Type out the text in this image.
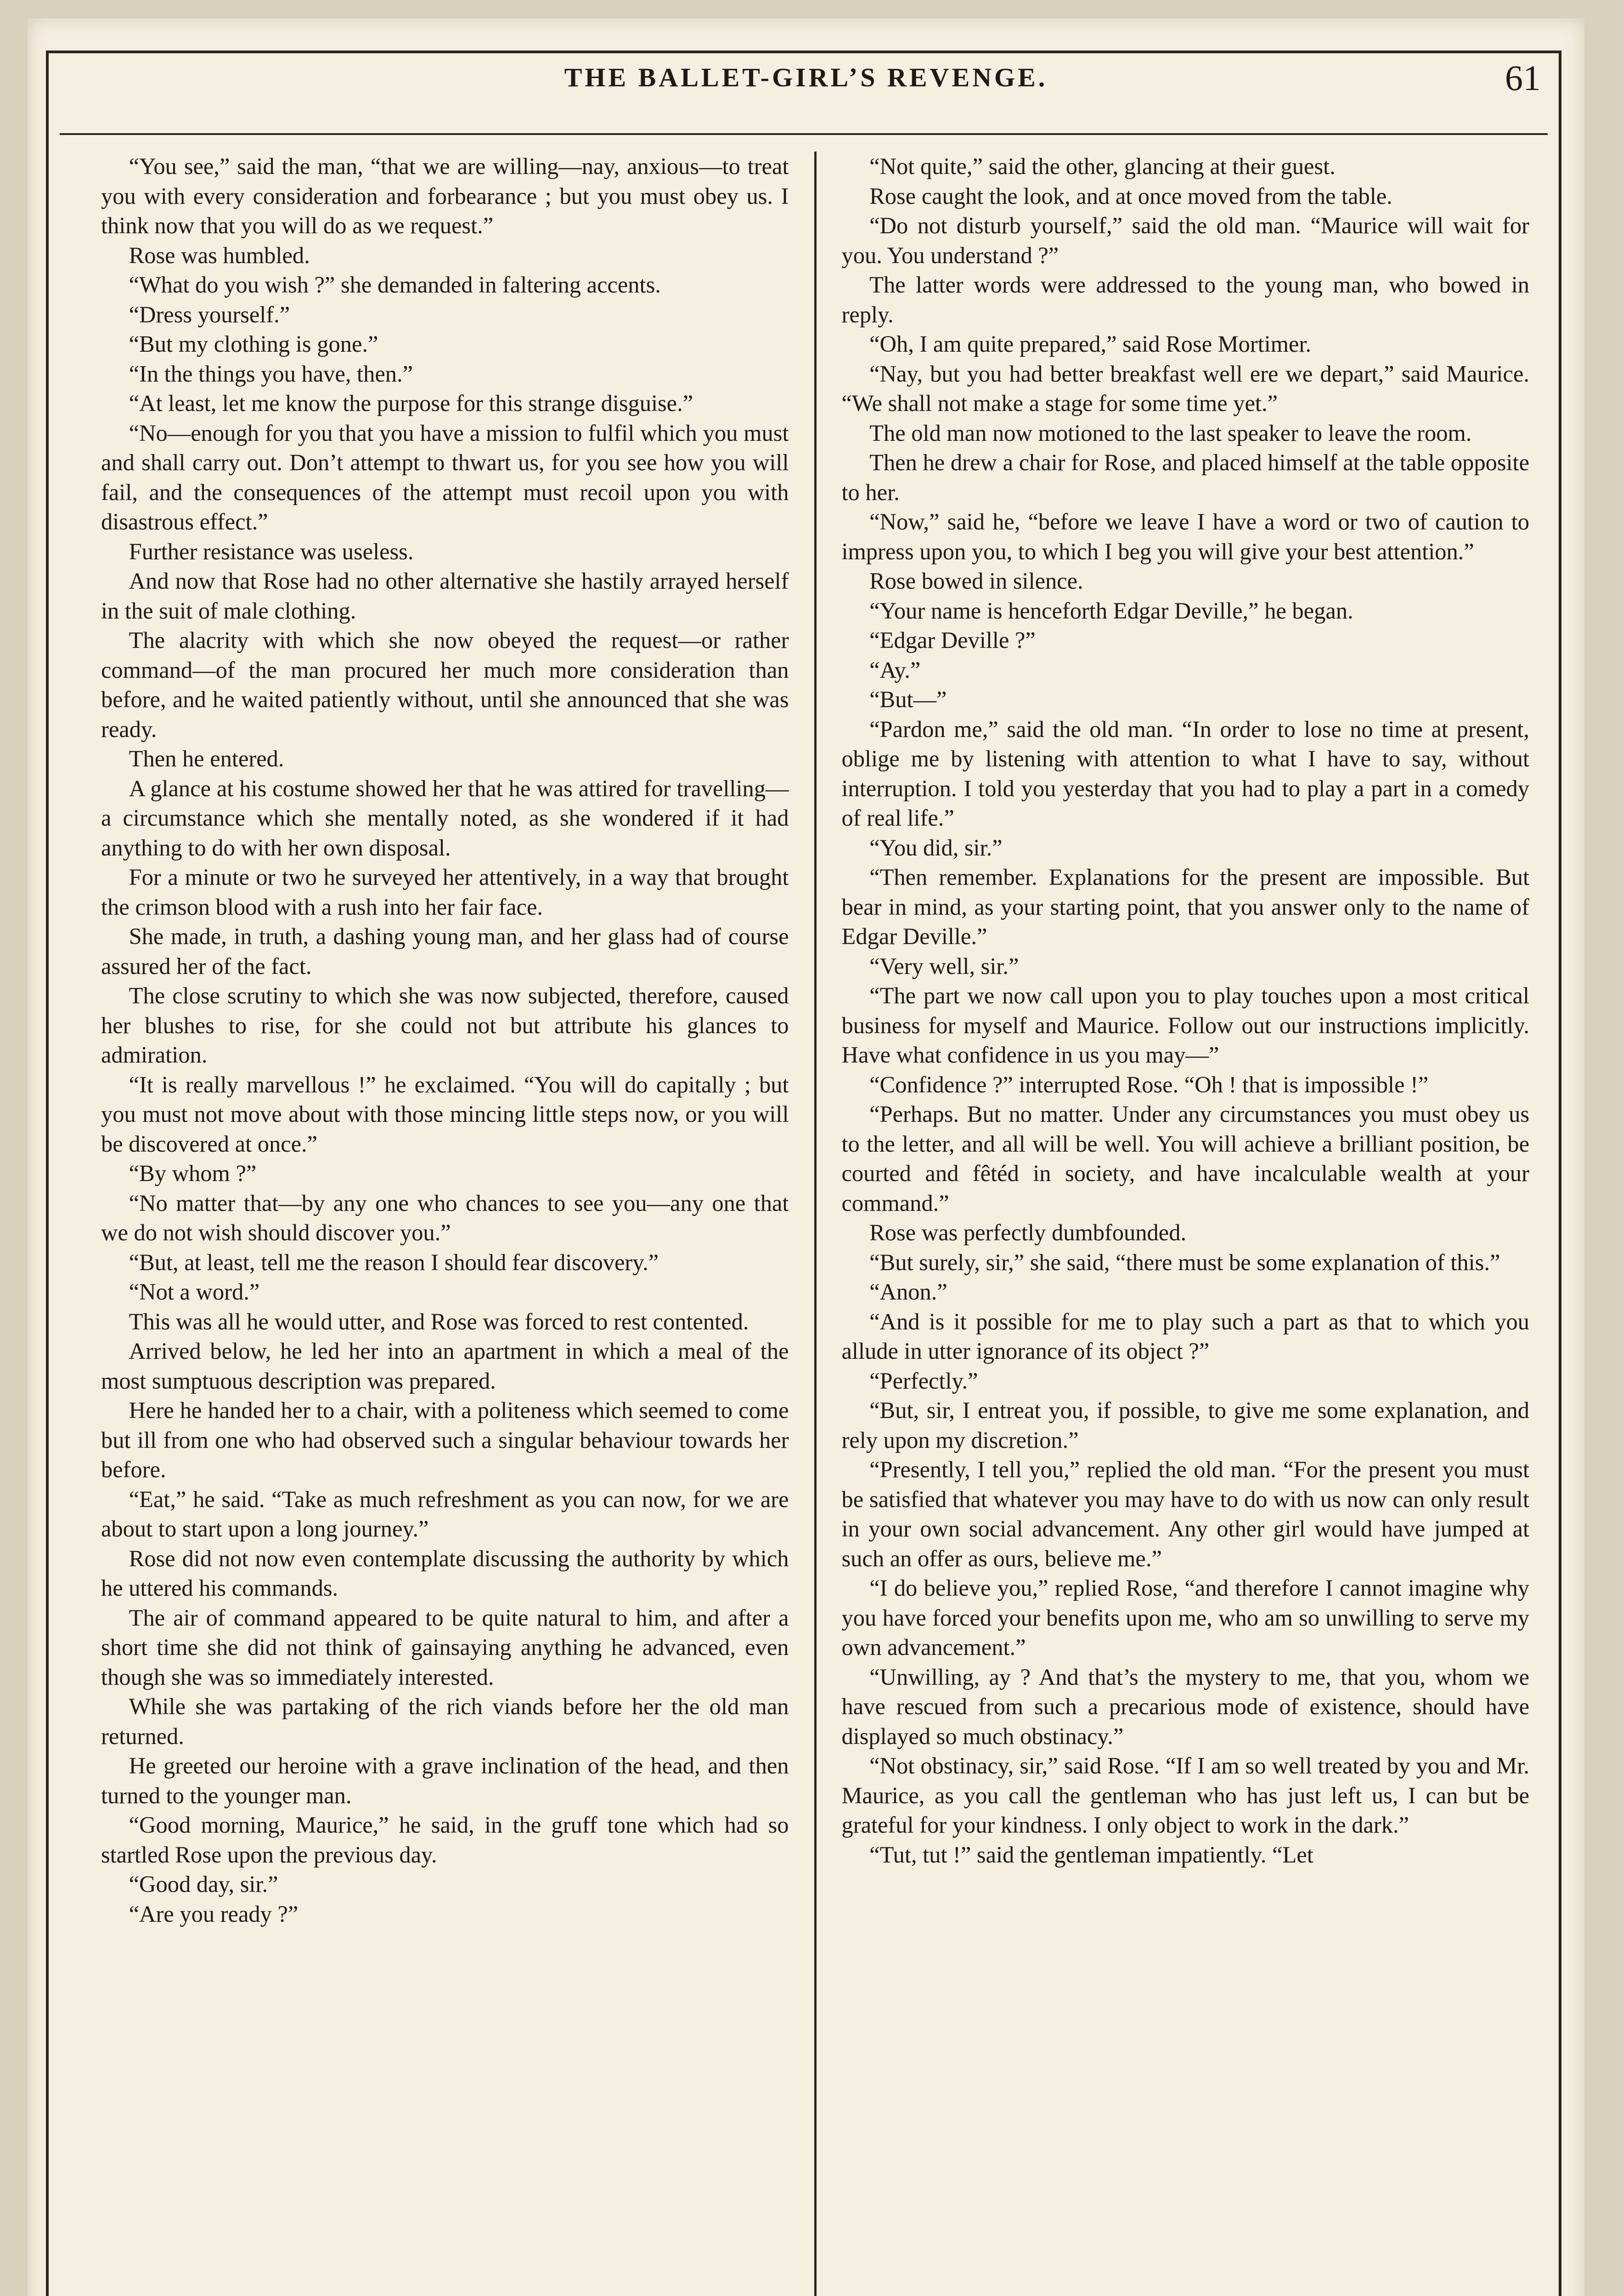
THE BALLET-GIRL’S REVENGE.	61

“You see,” said the man, “that we are willing—nay, anxious—to treat you with every consideration and forbearance ; but you must obey us. I think now that you will do as we request.”

Rose was humbled.

“What do you wish ?” she demanded in faltering accents.

“Dress yourself.”

“But my clothing is gone.”

“In the things you have, then.”

“At least, let me know the purpose for this strange disguise.”

“No—enough for you that you have a mission to fulfil which you must and shall carry out. Don’t attempt to thwart us, for you see how you will fail, and the consequences of the attempt must recoil upon you with disastrous effect.”

Further resistance was useless.

And now that Rose had no other alternative she hastily arrayed herself in the suit of male clothing.

The alacrity with which she now obeyed the request—or rather command—of the man procured her much more consideration than before, and he waited patiently without, until she announced that she was ready.

Then he entered.

A glance at his costume showed her that he was attired for travelling—a circumstance which she mentally noted, as she wondered if it had anything to do with her own disposal.

For a minute or two he surveyed her attentively, in a way that brought the crimson blood with a rush into her fair face.

She made, in truth, a dashing young man, and her glass had of course assured her of the fact.

The close scrutiny to which she was now subjected, therefore, caused her blushes to rise, for she could not but attribute his glances to admiration.

“It is really marvellous !” he exclaimed. “You will do capitally ; but you must not move about with those mincing little steps now, or you will be discovered at once.”

“By whom ?”

“No matter that—by any one who chances to see you—any one that we do not wish should discover you.”

“But, at least, tell me the reason I should fear discovery.”

“Not a word.”

This was all he would utter, and Rose was forced to rest contented.

Arrived below, he led her into an apartment in which a meal of the most sumptuous description was prepared.

Here he handed her to a chair, with a politeness which seemed to come but ill from one who had observed such a singular behaviour towards her before.

“Eat,” he said. “Take as much refreshment as you can now, for we are about to start upon a long journey.”

Rose did not now even contemplate discussing the authority by which he uttered his commands.

The air of command appeared to be quite natural to him, and after a short time she did not think of gainsaying anything he advanced, even though she was so immediately interested.

While she was partaking of the rich viands before her the old man returned.

He greeted our heroine with a grave inclination of the head, and then turned to the younger man.

“Good morning, Maurice,” he said, in the gruff tone which had so startled Rose upon the previous day.

“Good day, sir.”

“Are you ready ?”

“Not quite,” said the other, glancing at their guest.

Rose caught the look, and at once moved from the table.

“Do not disturb yourself,” said the old man. “Maurice will wait for you. You understand ?”

The latter words were addressed to the young man, who bowed in reply.

“Oh, I am quite prepared,” said Rose Mortimer.

“Nay, but you had better breakfast well ere we depart,” said Maurice. “We shall not make a stage for some time yet.”

The old man now motioned to the last speaker to leave the room.

Then he drew a chair for Rose, and placed himself at the table opposite to her.

“Now,” said he, “before we leave I have a word or two of caution to impress upon you, to which I beg you will give your best attention.”

Rose bowed in silence.

“Your name is henceforth Edgar Deville,” he began.

“Edgar Deville ?”

“Ay.”

“But—”

“Pardon me,” said the old man. “In order to lose no time at present, oblige me by listening with attention to what I have to say, without interruption. I told you yesterday that you had to play a part in a comedy of real life.”

“You did, sir.”

“Then remember. Explanations for the present are impossible. But bear in mind, as your starting point, that you answer only to the name of Edgar Deville.”

“Very well, sir.”

“The part we now call upon you to play touches upon a most critical business for myself and Maurice. Follow out our instructions implicitly. Have what confidence in us you may—”

“Confidence ?” interrupted Rose. “Oh ! that is impossible !”

“Perhaps. But no matter. Under any circumstances you must obey us to the letter, and all will be well. You will achieve a brilliant position, be courted and fêtéd in society, and have incalculable wealth at your command.”

Rose was perfectly dumbfounded.

“But surely, sir,” she said, “there must be some explanation of this.”

“Anon.”

“And is it possible for me to play such a part as that to which you allude in utter ignorance of its object ?”

“Perfectly.”

“But, sir, I entreat you, if possible, to give me some explanation, and rely upon my discretion.”

“Presently, I tell you,” replied the old man. “For the present you must be satisfied that whatever you may have to do with us now can only result in your own social advancement. Any other girl would have jumped at such an offer as ours, believe me.”

“I do believe you,” replied Rose, “and therefore I cannot imagine why you have forced your benefits upon me, who am so unwilling to serve my own advancement.”

“Unwilling, ay ? And that’s the mystery to me, that you, whom we have rescued from such a precarious mode of existence, should have displayed so much obstinacy.”

“Not obstinacy, sir,” said Rose. “If I am so well treated by you and Mr. Maurice, as you call the gentleman who has just left us, I can but be grateful for your kindness. I only object to work in the dark.”

“Tut, tut !” said the gentleman impatiently. “Let
